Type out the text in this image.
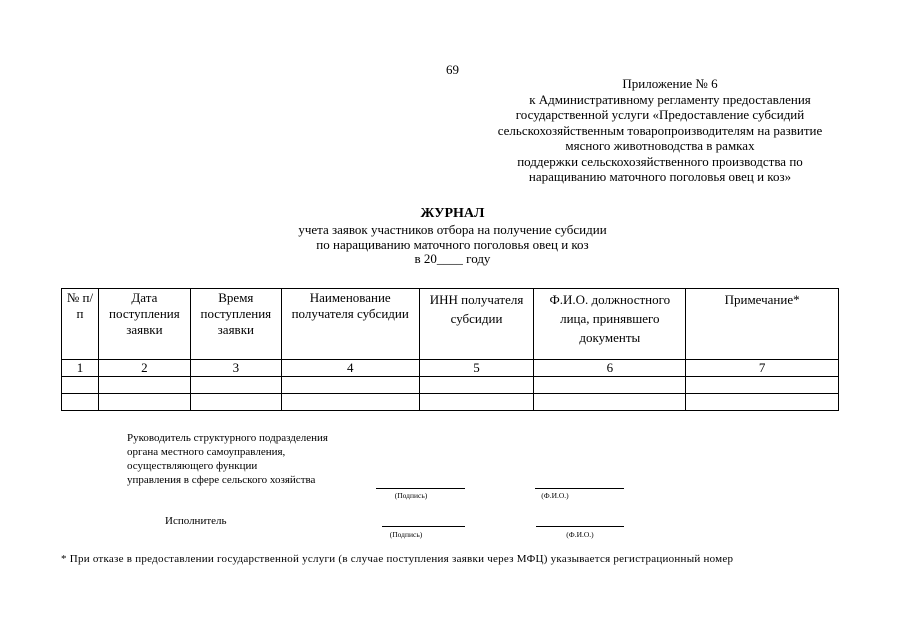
69
Приложение № 6
к Административному регламенту предоставления
государственной услуги «Предоставление субсидий
сельскохозяйственным товаропроизводителям на развитие
мясного животноводства в рамках
поддержки сельскохозяйственного производства по
наращиванию маточного поголовья овец и коз»
ЖУРНАЛ
учета заявок участников отбора на получение субсидии
по наращиванию маточного поголовья овец и коз
в 20____ году
№ п/п	Дата поступления заявки	Время поступления заявки	Наименование получателя субсидии	ИНН получателя субсидии	Ф.И.О. должностного лица, принявшего документы	Примечание*
1	2	3	4	5	6	7

Руководитель структурного подразделения
органа местного самоуправления,
осуществляющего функции
управления в сфере сельского хозяйства
(Подпись)	(Ф.И.О.)
Исполнитель
(Подпись)	(Ф.И.О.)
* При отказе в предоставлении государственной услуги (в случае поступления заявки через МФЦ) указывается регистрационный номер
